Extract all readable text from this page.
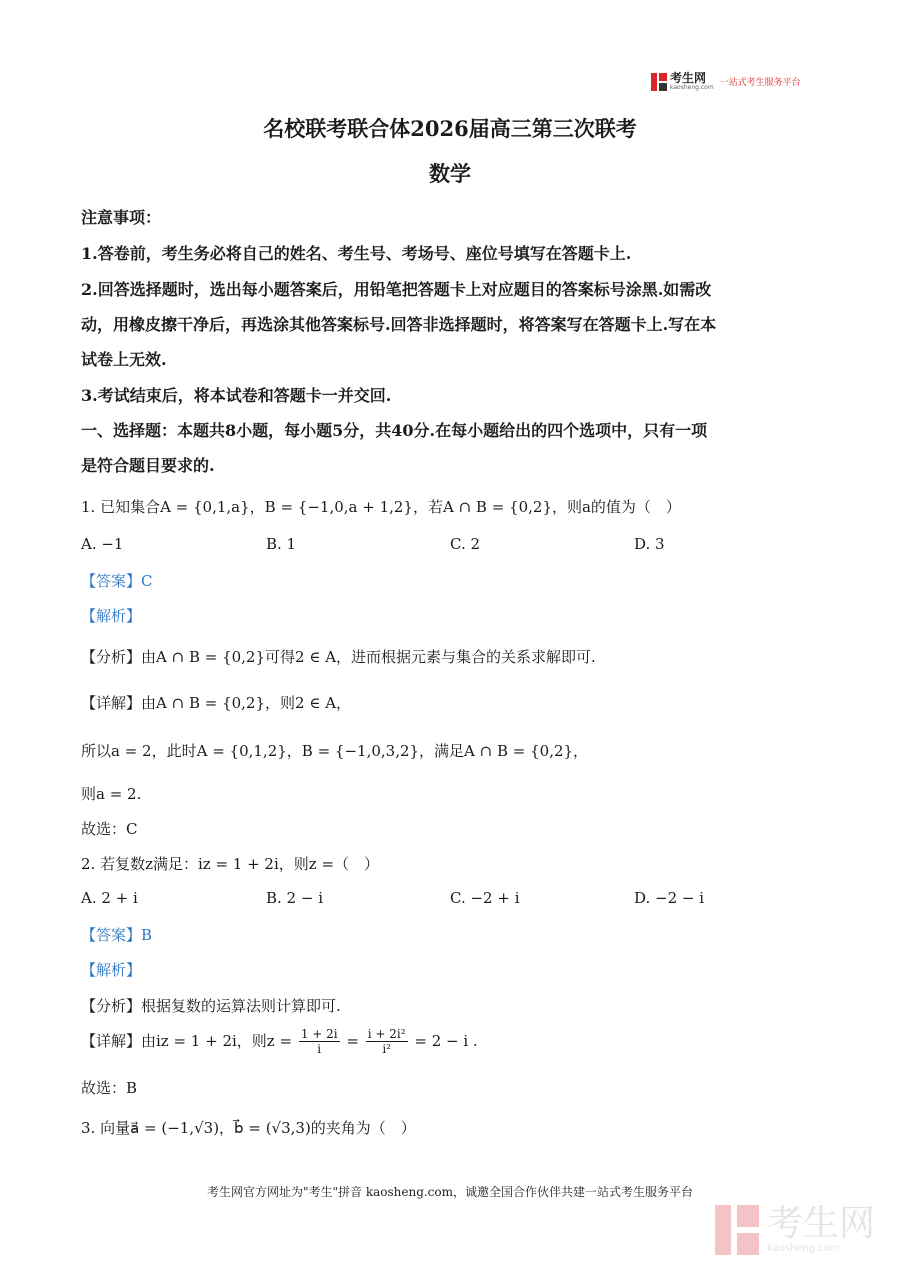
考生网
kaosheng.com 一站式考生服务平台
名校联考联合体2026届高三第三次联考
数学
注意事项：
1.答卷前，考生务必将自己的姓名、考生号、考场号、座位号填写在答题卡上.
2.回答选择题时，选出每小题答案后，用铅笔把答题卡上对应题目的答案标号涂黑.如需改
动，用橡皮擦干净后，再选涂其他答案标号.回答非选择题时，将答案写在答题卡上.写在本
试卷上无效.
3.考试结束后，将本试卷和答题卡一并交回.
一、选择题：本题共8小题，每小题5分，共40分.在每小题给出的四个选项中，只有一项
是符合题目要求的.
1. 已知集合A = {0,1,a}，B = {−1,0,a + 1,2}，若A ∩ B = {0,2}，则a的值为（　）
A. −1	B. 1	C. 2	D. 3
【答案】C
【解析】
【分析】由A ∩ B = {0,2}可得2 ∈ A，进而根据元素与集合的关系求解即可.
【详解】由A ∩ B = {0,2}，则2 ∈ A，
所以a = 2，此时A = {0,1,2}，B = {−1,0,3,2}，满足A ∩ B = {0,2}，
则a = 2.
故选：C
2. 若复数z满足：iz = 1 + 2i，则z =（　）
A. 2 + i	B. 2 − i	C. −2 + i	D. −2 − i
【答案】B
【解析】
【分析】根据复数的运算法则计算即可.
【详解】由iz = 1 + 2i，则$z = \frac{1 + 2i}{i} = \frac{\text{i + 2i²}}{\text{i²}} = 2 - i$ .
故选：B
3. 向量a⃗ = (−1,√3)，b⃗ = (√3,3)的夹角为（　）
考生网官方网址为"考生"拼音 kaosheng.com，诚邀全国合作伙伴共建一站式考生服务平台
考生网
kaosheng.com
